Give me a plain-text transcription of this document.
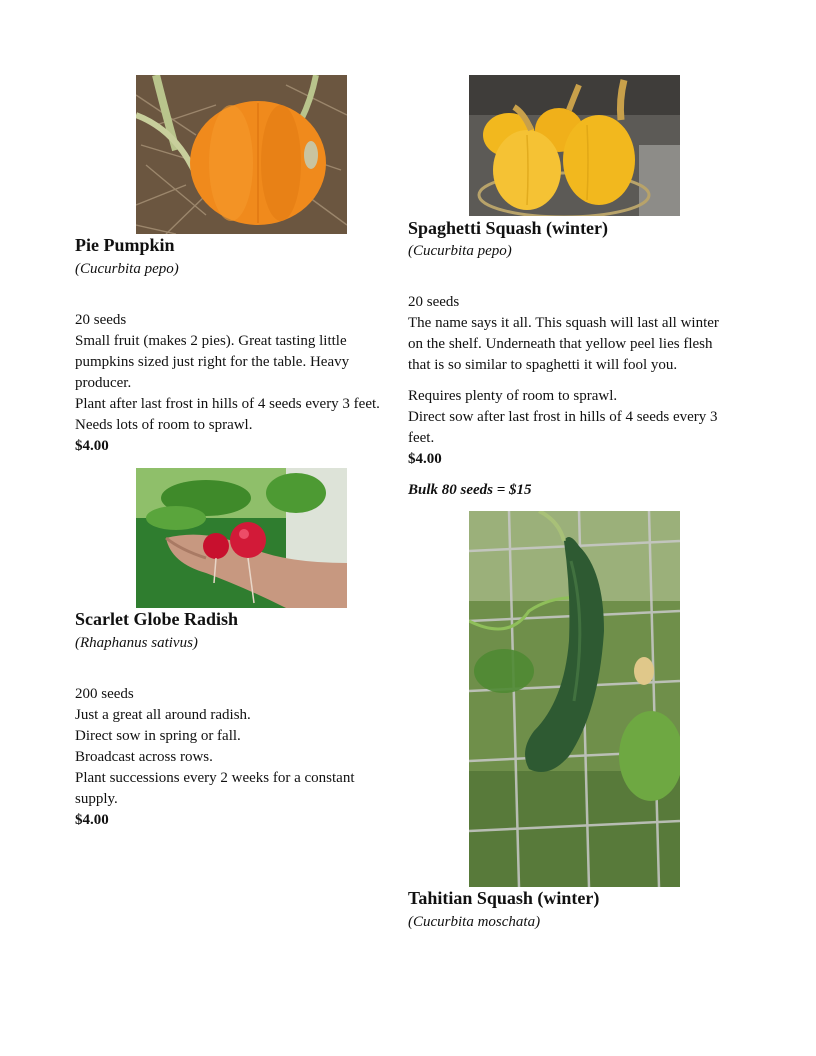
Pie Pumpkin
(Cucurbita pepo)
20 seeds
Small fruit (makes 2 pies). Great tasting little
pumpkins sized just right for the table. Heavy
producer.
Plant after last frost in hills of 4 seeds every 3 feet.
Needs lots of room to sprawl.
$4.00
Scarlet Globe Radish
(Rhaphanus sativus)
200 seeds
Just a great all around radish.
Direct sow in spring or fall.
Broadcast across rows.
Plant successions every 2 weeks for a constant
supply.
$4.00
Spaghetti Squash (winter)
(Cucurbita pepo)
20 seeds
The name says it all. This squash will last all winter
on the shelf. Underneath that yellow peel lies flesh
that is so similar to spaghetti it will fool you.
Requires plenty of room to sprawl.
Direct sow after last frost in hills of 4 seeds every 3
feet.
$4.00
Bulk 80 seeds = $15
Tahitian Squash (winter)
(Cucurbita moschata)
